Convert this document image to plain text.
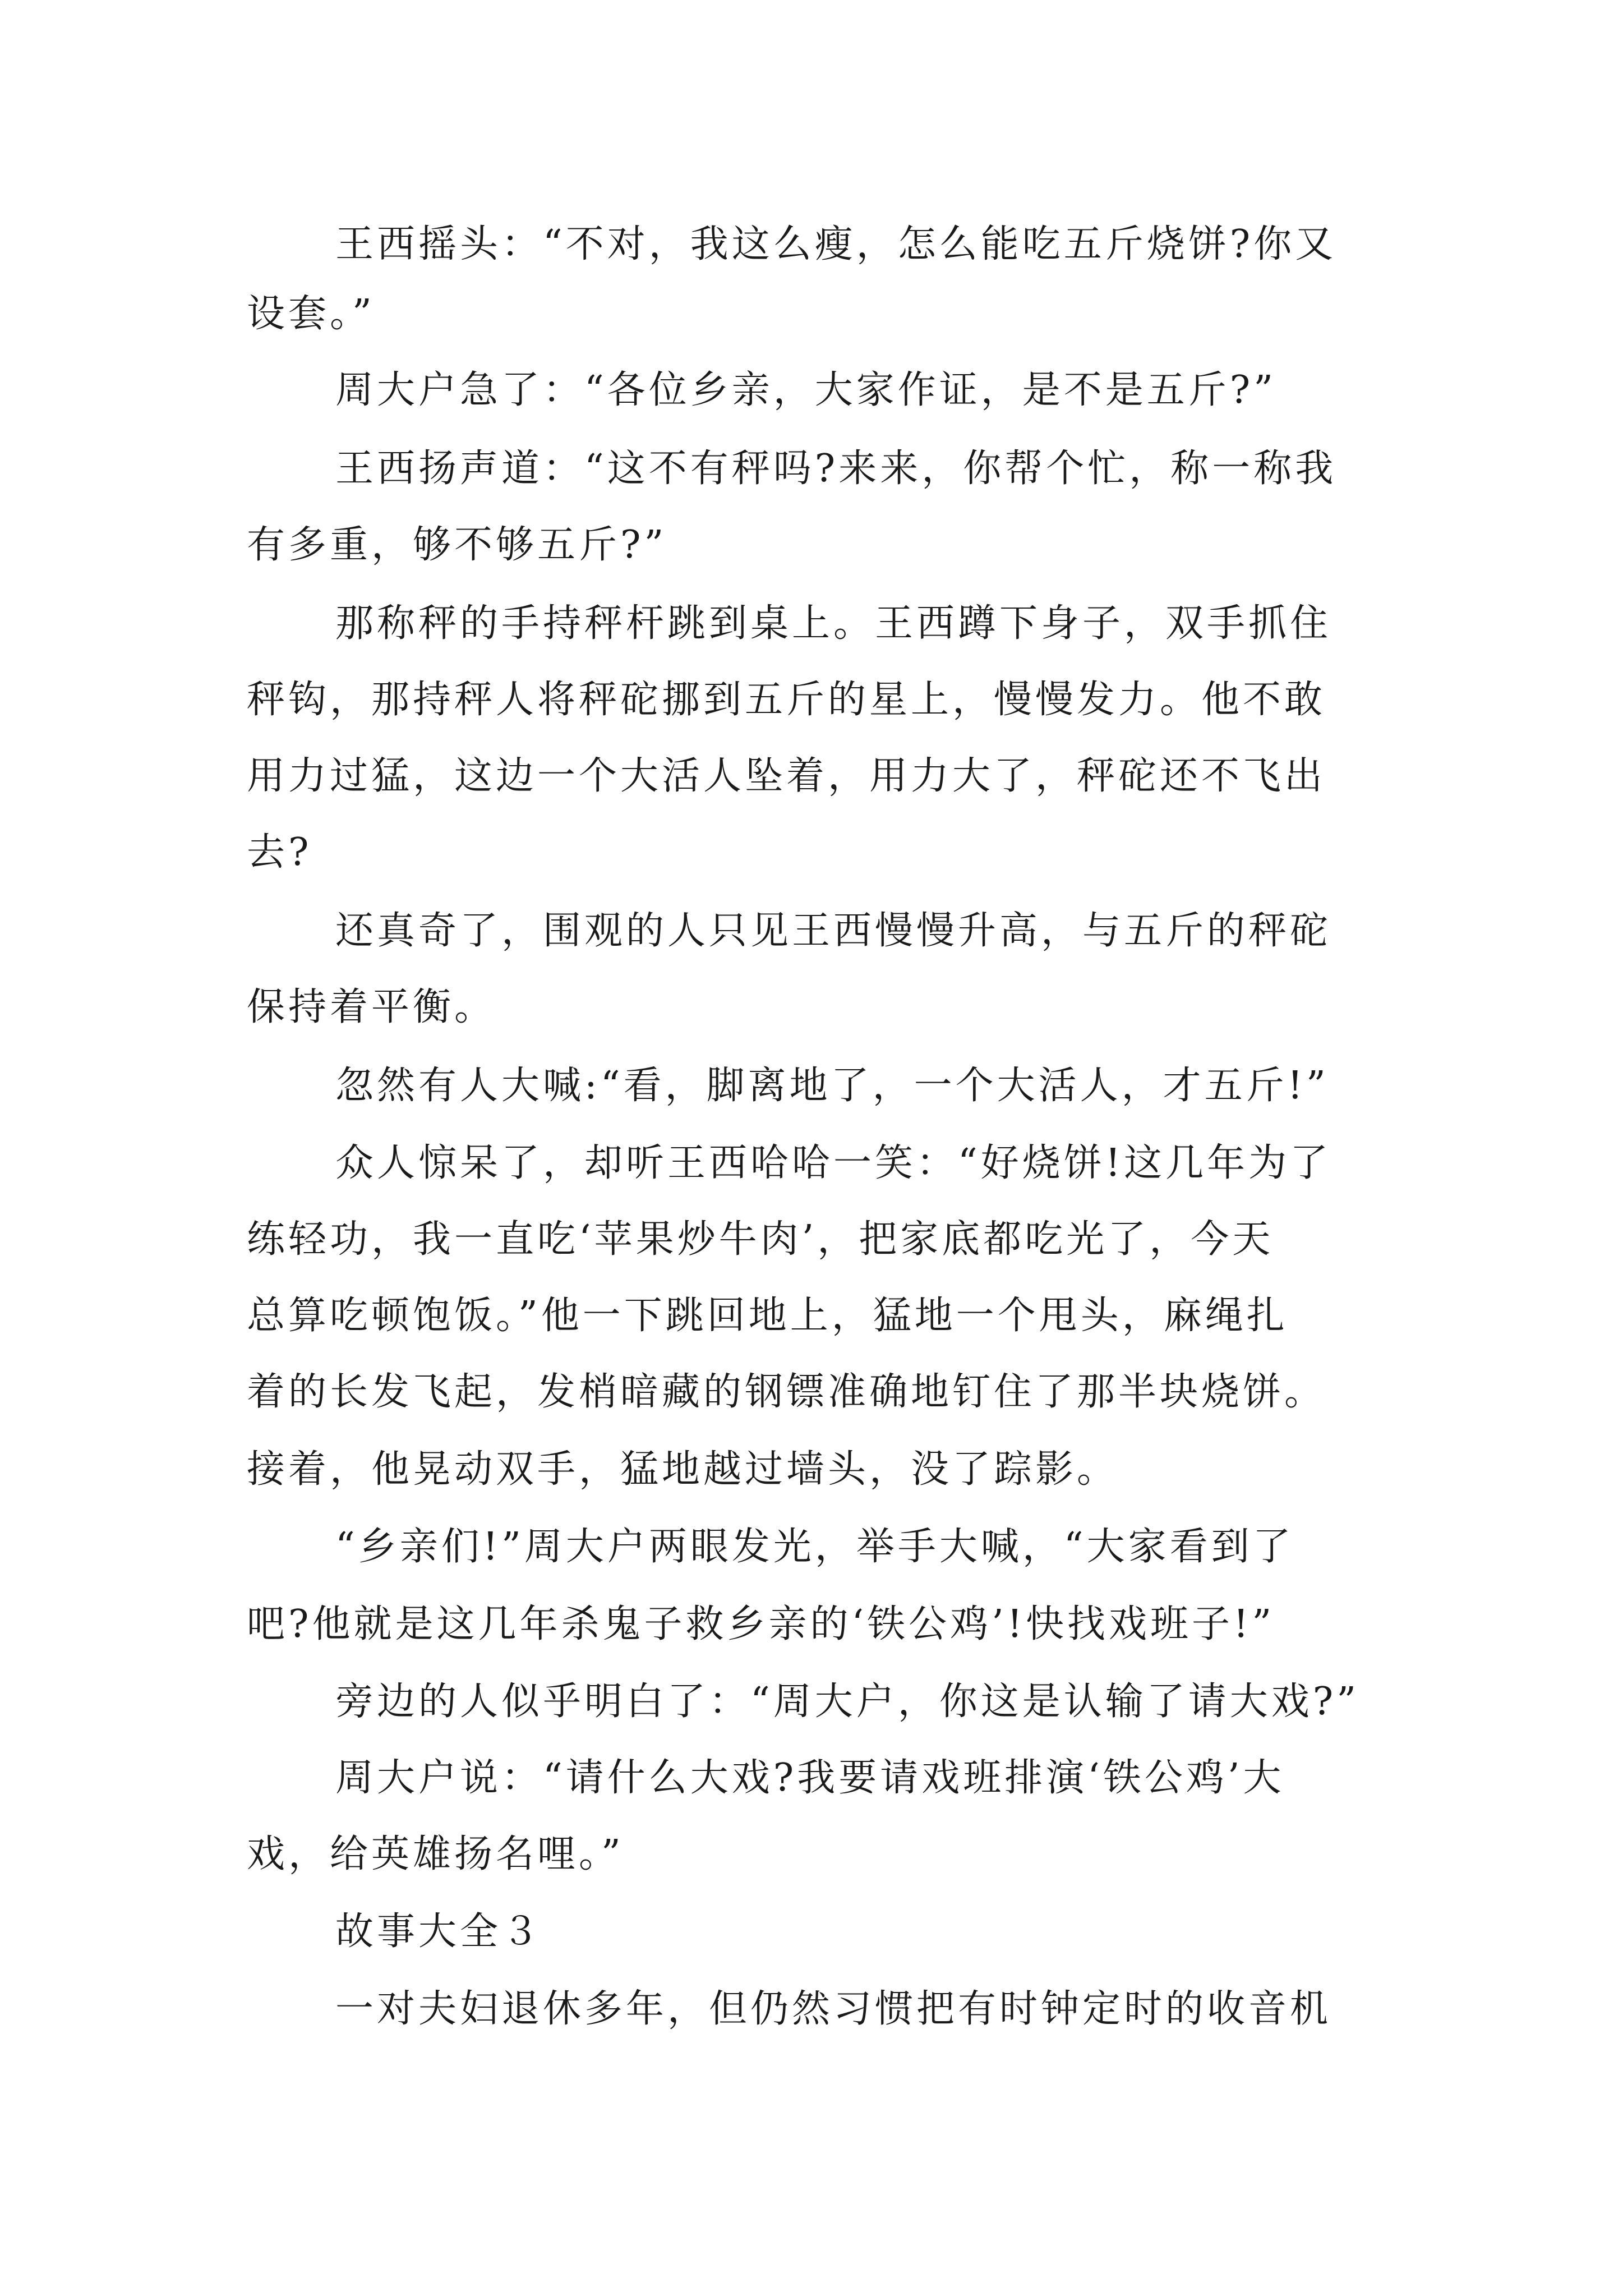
王西摇头：“不对，我这么瘦，怎么能吃五斤烧饼?你又
设套。”
周大户急了：“各位乡亲，大家作证，是不是五斤?”
王西扬声道：“这不有秤吗?来来，你帮个忙，称一称我
有多重，够不够五斤?”
那称秤的手持秤杆跳到桌上。王西蹲下身子，双手抓住
秤钩，那持秤人将秤砣挪到五斤的星上，慢慢发力。他不敢
用力过猛，这边一个大活人坠着，用力大了，秤砣还不飞出
去?
还真奇了，围观的人只见王西慢慢升高，与五斤的秤砣
保持着平衡。
忽然有人大喊:“看，脚离地了，一个大活人，才五斤!”
众人惊呆了，却听王西哈哈一笑：“好烧饼!这几年为了
练轻功，我一直吃‘苹果炒牛肉’，把家底都吃光了，今天
总算吃顿饱饭。”他一下跳回地上，猛地一个甩头，麻绳扎
着的长发飞起，发梢暗藏的钢镖准确地钉住了那半块烧饼。
接着，他晃动双手，猛地越过墙头，没了踪影。
“乡亲们!”周大户两眼发光，举手大喊，“大家看到了
吧?他就是这几年杀鬼子救乡亲的‘铁公鸡’!快找戏班子!”
旁边的人似乎明白了：“周大户，你这是认输了请大戏?”
周大户说：“请什么大戏?我要请戏班排演‘铁公鸡’大
戏，给英雄扬名哩。”
故事大全３
一对夫妇退休多年，但仍然习惯把有时钟定时的收音机
